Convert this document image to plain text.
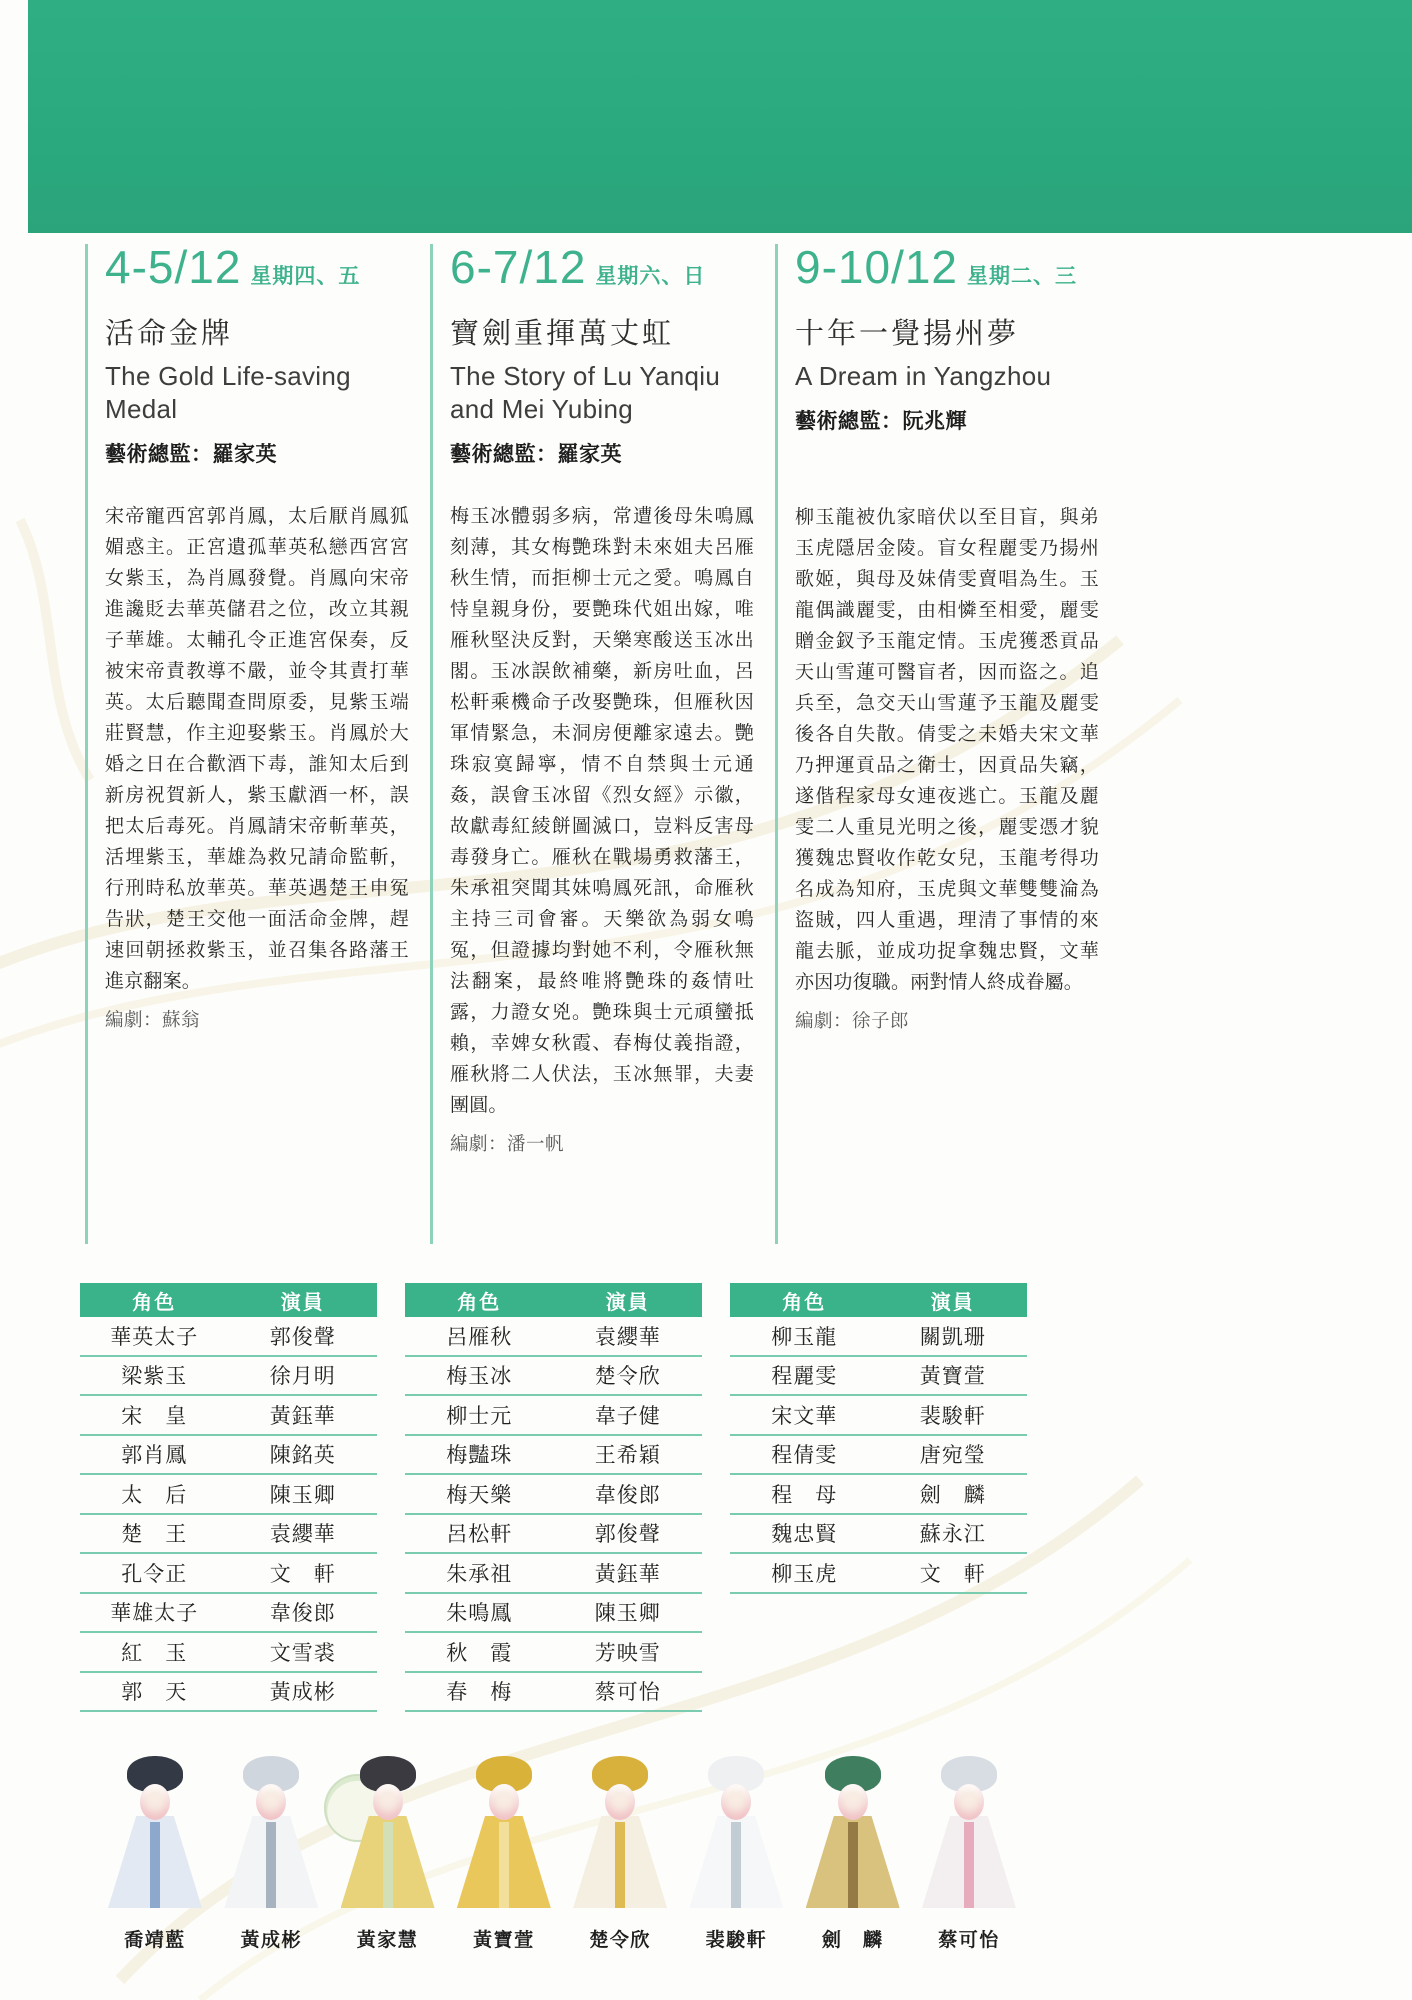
4-5/12 星期四、五
活命金牌
The Gold Life-saving Medal

藝術總監：羅家英

宋帝寵西宮郭肖鳳，太后厭肖鳳狐媚惑主。正宮遺孤華英私戀西宮宮女紫玉，為肖鳳發覺。肖鳳向宋帝進讒貶去華英儲君之位，改立其親子華雄。太輔孔令正進宮保奏，反被宋帝責教導不嚴，並令其責打華英。太后聽聞查問原委，見紫玉端莊賢慧，作主迎娶紫玉。肖鳳於大婚之日在合歡酒下毒，誰知太后到新房祝賀新人，紫玉獻酒一杯，誤把太后毒死。肖鳳請宋帝斬華英，活埋紫玉，華雄為救兄請命監斬，行刑時私放華英。華英遇楚王申冤告狀，楚王交他一面活命金牌，趕速回朝拯救紫玉，並召集各路藩王進京翻案。

編劇：蘇翁

6-7/12 星期六、日
寶劍重揮萬丈虹
The Story of Lu Yanqiu and Mei Yubing

藝術總監：羅家英

梅玉冰體弱多病，常遭後母朱鳴鳳刻薄，其女梅艷珠對未來姐夫呂雁秋生情，而拒柳士元之愛。鳴鳳自恃皇親身份，要艷珠代姐出嫁，唯雁秋堅決反對，天樂寒酸送玉冰出閣。玉冰誤飲補藥，新房吐血，呂松軒乘機命子改娶艷珠，但雁秋因軍情緊急，未洞房便離家遠去。艷珠寂寞歸寧，情不自禁與士元通姦，誤會玉冰留《烈女經》示徽，故獻毒紅綾餅圖滅口，豈料反害母毒發身亡。雁秋在戰場勇救藩王，朱承祖突聞其妹鳴鳳死訊，命雁秋主持三司會審。天樂欲為弱女鳴冤，但證據均對她不利，令雁秋無法翻案，最終唯將艷珠的姦情吐露，力證女兇。艷珠與士元頑蠻抵賴，幸婢女秋霞、春梅仗義指證，雁秋將二人伏法，玉冰無罪，夫妻團圓。

編劇：潘一帆

9-10/12 星期二、三
十年一覺揚州夢
A Dream in Yangzhou

藝術總監：阮兆輝

柳玉龍被仇家暗伏以至目盲，與弟玉虎隱居金陵。盲女程麗雯乃揚州歌姬，與母及妹倩雯賣唱為生。玉龍偶識麗雯，由相憐至相愛，麗雯贈金釵予玉龍定情。玉虎獲悉貢品天山雪蓮可醫盲者，因而盜之。追兵至，急交天山雪蓮予玉龍及麗雯後各自失散。倩雯之未婚夫宋文華乃押運貢品之衛士，因貢品失竊，遂偕程家母女連夜逃亡。玉龍及麗雯二人重見光明之後，麗雯憑才貌獲魏忠賢收作乾女兒，玉龍考得功名成為知府，玉虎與文華雙雙淪為盜賊，四人重遇，理清了事情的來龍去脈，並成功捉拿魏忠賢，文華亦因功復職。兩對情人終成眷屬。

編劇：徐子郎

角色	演員
華英太子	郭俊聲
梁紫玉	徐月明
宋　皇	黃鈺華
郭肖鳳	陳銘英
太　后	陳玉卿
楚　王	袁纓華
孔令正	文　軒
華雄太子	韋俊郎
紅　玉	文雪裘
郭　天	黃成彬
角色	演員
呂雁秋	袁纓華
梅玉冰	楚令欣
柳士元	韋子健
梅豔珠	王希穎
梅天樂	韋俊郎
呂松軒	郭俊聲
朱承祖	黃鈺華
朱鳴鳳	陳玉卿
秋　霞	芳映雪
春　梅	蔡可怡
角色	演員
柳玉龍	關凱珊
程麗雯	黃寶萱
宋文華	裴駿軒
程倩雯	唐宛瑩
程　母	劍　麟
魏忠賢	蘇永江
柳玉虎	文　軒
喬靖藍	黃成彬	黃家慧	黃寶萱	楚令欣	裴駿軒	劍　麟	蔡可怡
